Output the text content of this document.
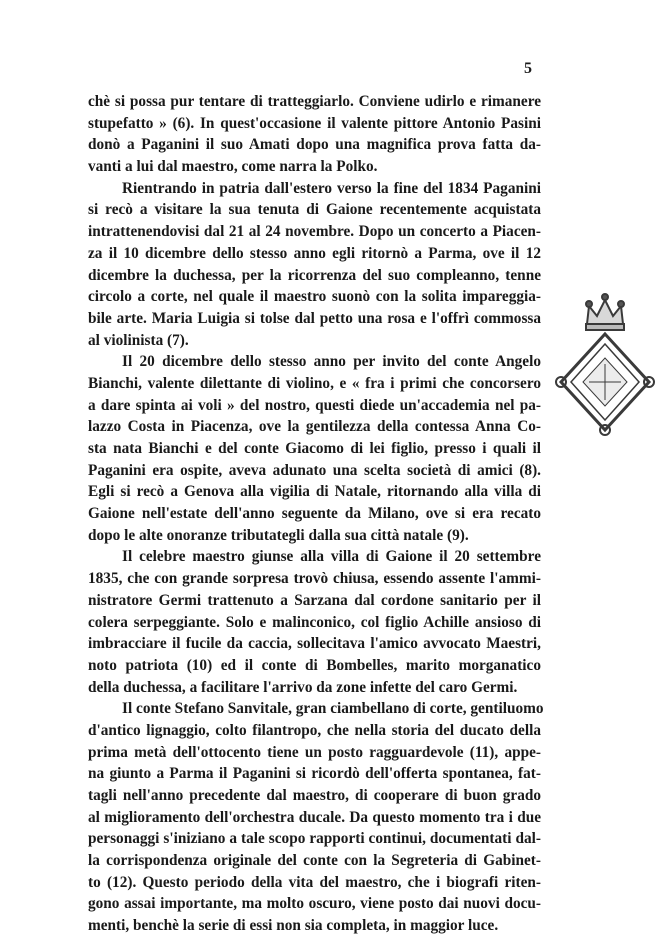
5
chè si possa pur tentare di tratteggiarlo. Conviene udirlo e rimanere
stupefatto » (6). In quest'occasione il valente pittore Antonio Pasini
donò a Paganini il suo Amati dopo una magnifica prova fatta da-
vanti a lui dal maestro, come narra la Polko.
Rientrando in patria dall'estero verso la fine del 1834 Paganini
si recò a visitare la sua tenuta di Gaione recentemente acquistata
intrattenendovisi dal 21 al 24 novembre. Dopo un concerto a Piacen-
za il 10 dicembre dello stesso anno egli ritornò a Parma, ove il 12
dicembre la duchessa, per la ricorrenza del suo compleanno, tenne
circolo a corte, nel quale il maestro suonò con la solita impareggia-
bile arte. Maria Luigia si tolse dal petto una rosa e l'offrì commossa
al violinista (7).
Il 20 dicembre dello stesso anno per invito del conte Angelo
Bianchi, valente dilettante di violino, e « fra i primi che concorsero
a dare spinta ai voli » del nostro, questi diede un'accademia nel pa-
lazzo Costa in Piacenza, ove la gentilezza della contessa Anna Co-
sta nata Bianchi e del conte Giacomo di lei figlio, presso i quali il
Paganini era ospite, aveva adunato una scelta società di amici (8).
Egli si recò a Genova alla vigilia di Natale, ritornando alla villa di
Gaione nell'estate dell'anno seguente da Milano, ove si era recato
dopo le alte onoranze tributategli dalla sua città natale (9).
Il celebre maestro giunse alla villa di Gaione il 20 settembre
1835, che con grande sorpresa trovò chiusa, essendo assente l'ammi-
nistratore Germi trattenuto a Sarzana dal cordone sanitario per il
colera serpeggiante. Solo e malinconico, col figlio Achille ansioso di
imbracciare il fucile da caccia, sollecitava l'amico avvocato Maestri,
noto patriota (10) ed il conte di Bombelles, marito morganatico
della duchessa, a facilitare l'arrivo da zone infette del caro Germi.
Il conte Stefano Sanvitale, gran ciambellano di corte, gentiluomo
d'antico lignaggio, colto filantropo, che nella storia del ducato della
prima metà dell'ottocento tiene un posto ragguardevole (11), appe-
na giunto a Parma il Paganini si ricordò dell'offerta spontanea, fat-
tagli nell'anno precedente dal maestro, di cooperare di buon grado
al miglioramento dell'orchestra ducale. Da questo momento tra i due
personaggi s'iniziano a tale scopo rapporti continui, documentati dal-
la corrispondenza originale del conte con la Segreteria di Gabinet-
to (12). Questo periodo della vita del maestro, che i biografi riten-
gono assai importante, ma molto oscuro, viene posto dai nuovi docu-
menti, benchè la serie di essi non sia completa, in maggior luce.
